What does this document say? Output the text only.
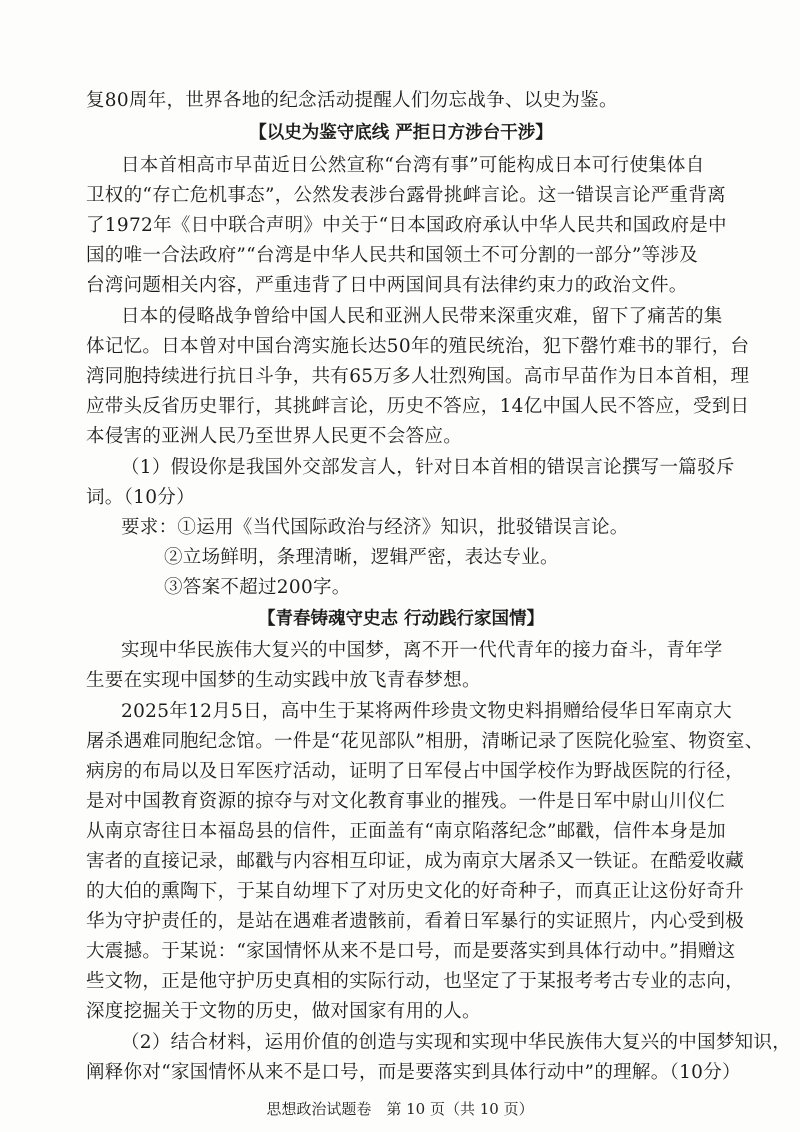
复80周年，世界各地的纪念活动提醒人们勿忘战争、以史为鉴。
【以史为鉴守底线 严拒日方涉台干涉】
日本首相高市早苗近日公然宣称“台湾有事”可能构成日本可行使集体自
卫权的“存亡危机事态”，公然发表涉台露骨挑衅言论。这一错误言论严重背离
了1972年《日中联合声明》中关于“日本国政府承认中华人民共和国政府是中
国的唯一合法政府”“台湾是中华人民共和国领土不可分割的一部分”等涉及
台湾问题相关内容，严重违背了日中两国间具有法律约束力的政治文件。
日本的侵略战争曾给中国人民和亚洲人民带来深重灾难，留下了痛苦的集
体记忆。日本曾对中国台湾实施长达50年的殖民统治，犯下罄竹难书的罪行，台
湾同胞持续进行抗日斗争，共有65万多人壮烈殉国。高市早苗作为日本首相，理
应带头反省历史罪行，其挑衅言论，历史不答应，14亿中国人民不答应，受到日
本侵害的亚洲人民乃至世界人民更不会答应。
（1）假设你是我国外交部发言人，针对日本首相的错误言论撰写一篇驳斥
词。（10分）
要求：①运用《当代国际政治与经济》知识，批驳错误言论。
②立场鲜明，条理清晰，逻辑严密，表达专业。
③答案不超过200字。
【青春铸魂守史志 行动践行家国情】
实现中华民族伟大复兴的中国梦，离不开一代代青年的接力奋斗，青年学
生要在实现中国梦的生动实践中放飞青春梦想。
2025年12月5日，高中生于某将两件珍贵文物史料捐赠给侵华日军南京大
屠杀遇难同胞纪念馆。一件是“花见部队”相册，清晰记录了医院化验室、物资室、
病房的布局以及日军医疗活动，证明了日军侵占中国学校作为野战医院的行径，
是对中国教育资源的掠夺与对文化教育事业的摧残。一件是日军中尉山川仪仁
从南京寄往日本福岛县的信件，正面盖有“南京陷落纪念”邮戳，信件本身是加
害者的直接记录，邮戳与内容相互印证，成为南京大屠杀又一铁证。在酷爱收藏
的大伯的熏陶下，于某自幼埋下了对历史文化的好奇种子，而真正让这份好奇升
华为守护责任的，是站在遇难者遗骸前，看着日军暴行的实证照片，内心受到极
大震撼。于某说：“家国情怀从来不是口号，而是要落实到具体行动中。”捐赠这
些文物，正是他守护历史真相的实际行动，也坚定了于某报考考古专业的志向，
深度挖掘关于文物的历史，做对国家有用的人。
（2）结合材料，运用价值的创造与实现和实现中华民族伟大复兴的中国梦知识，
阐释你对“家国情怀从来不是口号，而是要落实到具体行动中”的理解。（10分）
思想政治试题卷　第 10 页（共 10 页）
